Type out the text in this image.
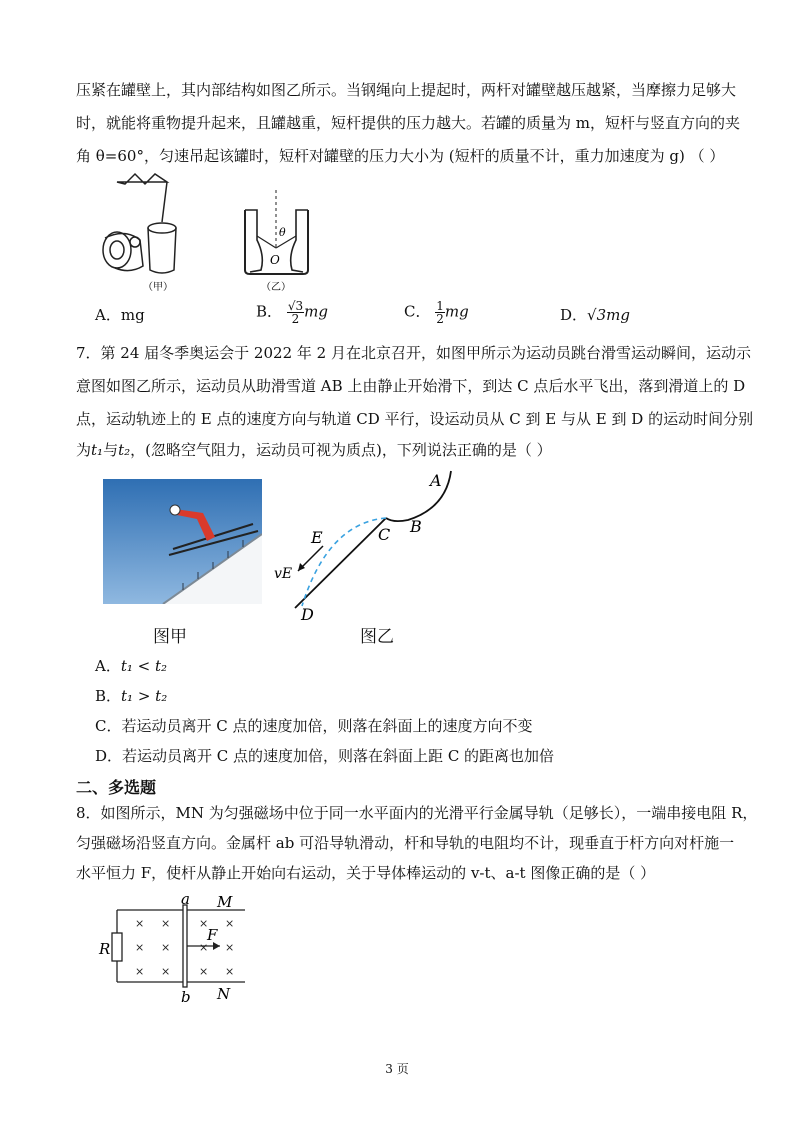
压紧在罐壁上，其内部结构如图乙所示。当钢绳向上提起时，两杆对罐壁越压越紧，当摩擦力足够大
时，就能将重物提升起来，且罐越重，短杆提供的压力越大。若罐的质量为 m，短杆与竖直方向的夹
角 θ=60°，匀速吊起该罐时，短杆对罐壁的压力大小为 (短杆的质量不计，重力加速度为 g) （ ）
（甲）
θ
O
（乙）
A．mg	B． $\frac{√3}{2}$ mg	C． $\frac{1}{2}$ mg	D．√3mg
7．第 24 届冬季奥运会于 2022 年 2 月在北京召开，如图甲所示为运动员跳台滑雪运动瞬间，运动示
意图如图乙所示，运动员从助滑雪道 AB 上由静止开始滑下，到达 C 点后水平飞出，落到滑道上的 D
点，运动轨迹上的 E 点的速度方向与轨道 CD 平行，设运动员从 C 到 E 与从 E 到 D 的运动时间分别
为t₁与t₂，(忽略空气阻力，运动员可视为质点)，下列说法正确的是（ ）
A
B
C
E
D
vE
图甲	图乙
A．t₁ < t₂
B．t₁ > t₂
C．若运动员离开 C 点的速度加倍，则落在斜面上的速度方向不变
D．若运动员离开 C 点的速度加倍，则落在斜面上距 C 的距离也加倍
二、多选题
8．如图所示，MN 为匀强磁场中位于同一水平面内的光滑平行金属导轨（足够长），一端串接电阻 R，
匀强磁场沿竖直方向。金属杆 ab 可沿导轨滑动，杆和导轨的电阻均不计，现垂直于杆方向对杆施一
水平恒力 F，使杆从静止开始向右运动，关于导体棒运动的 v-t、a-t 图像正确的是（ ）
× ×	× ×
× ×	× ×
× ×	× ×
a
b
M
N
R
F
3 页
